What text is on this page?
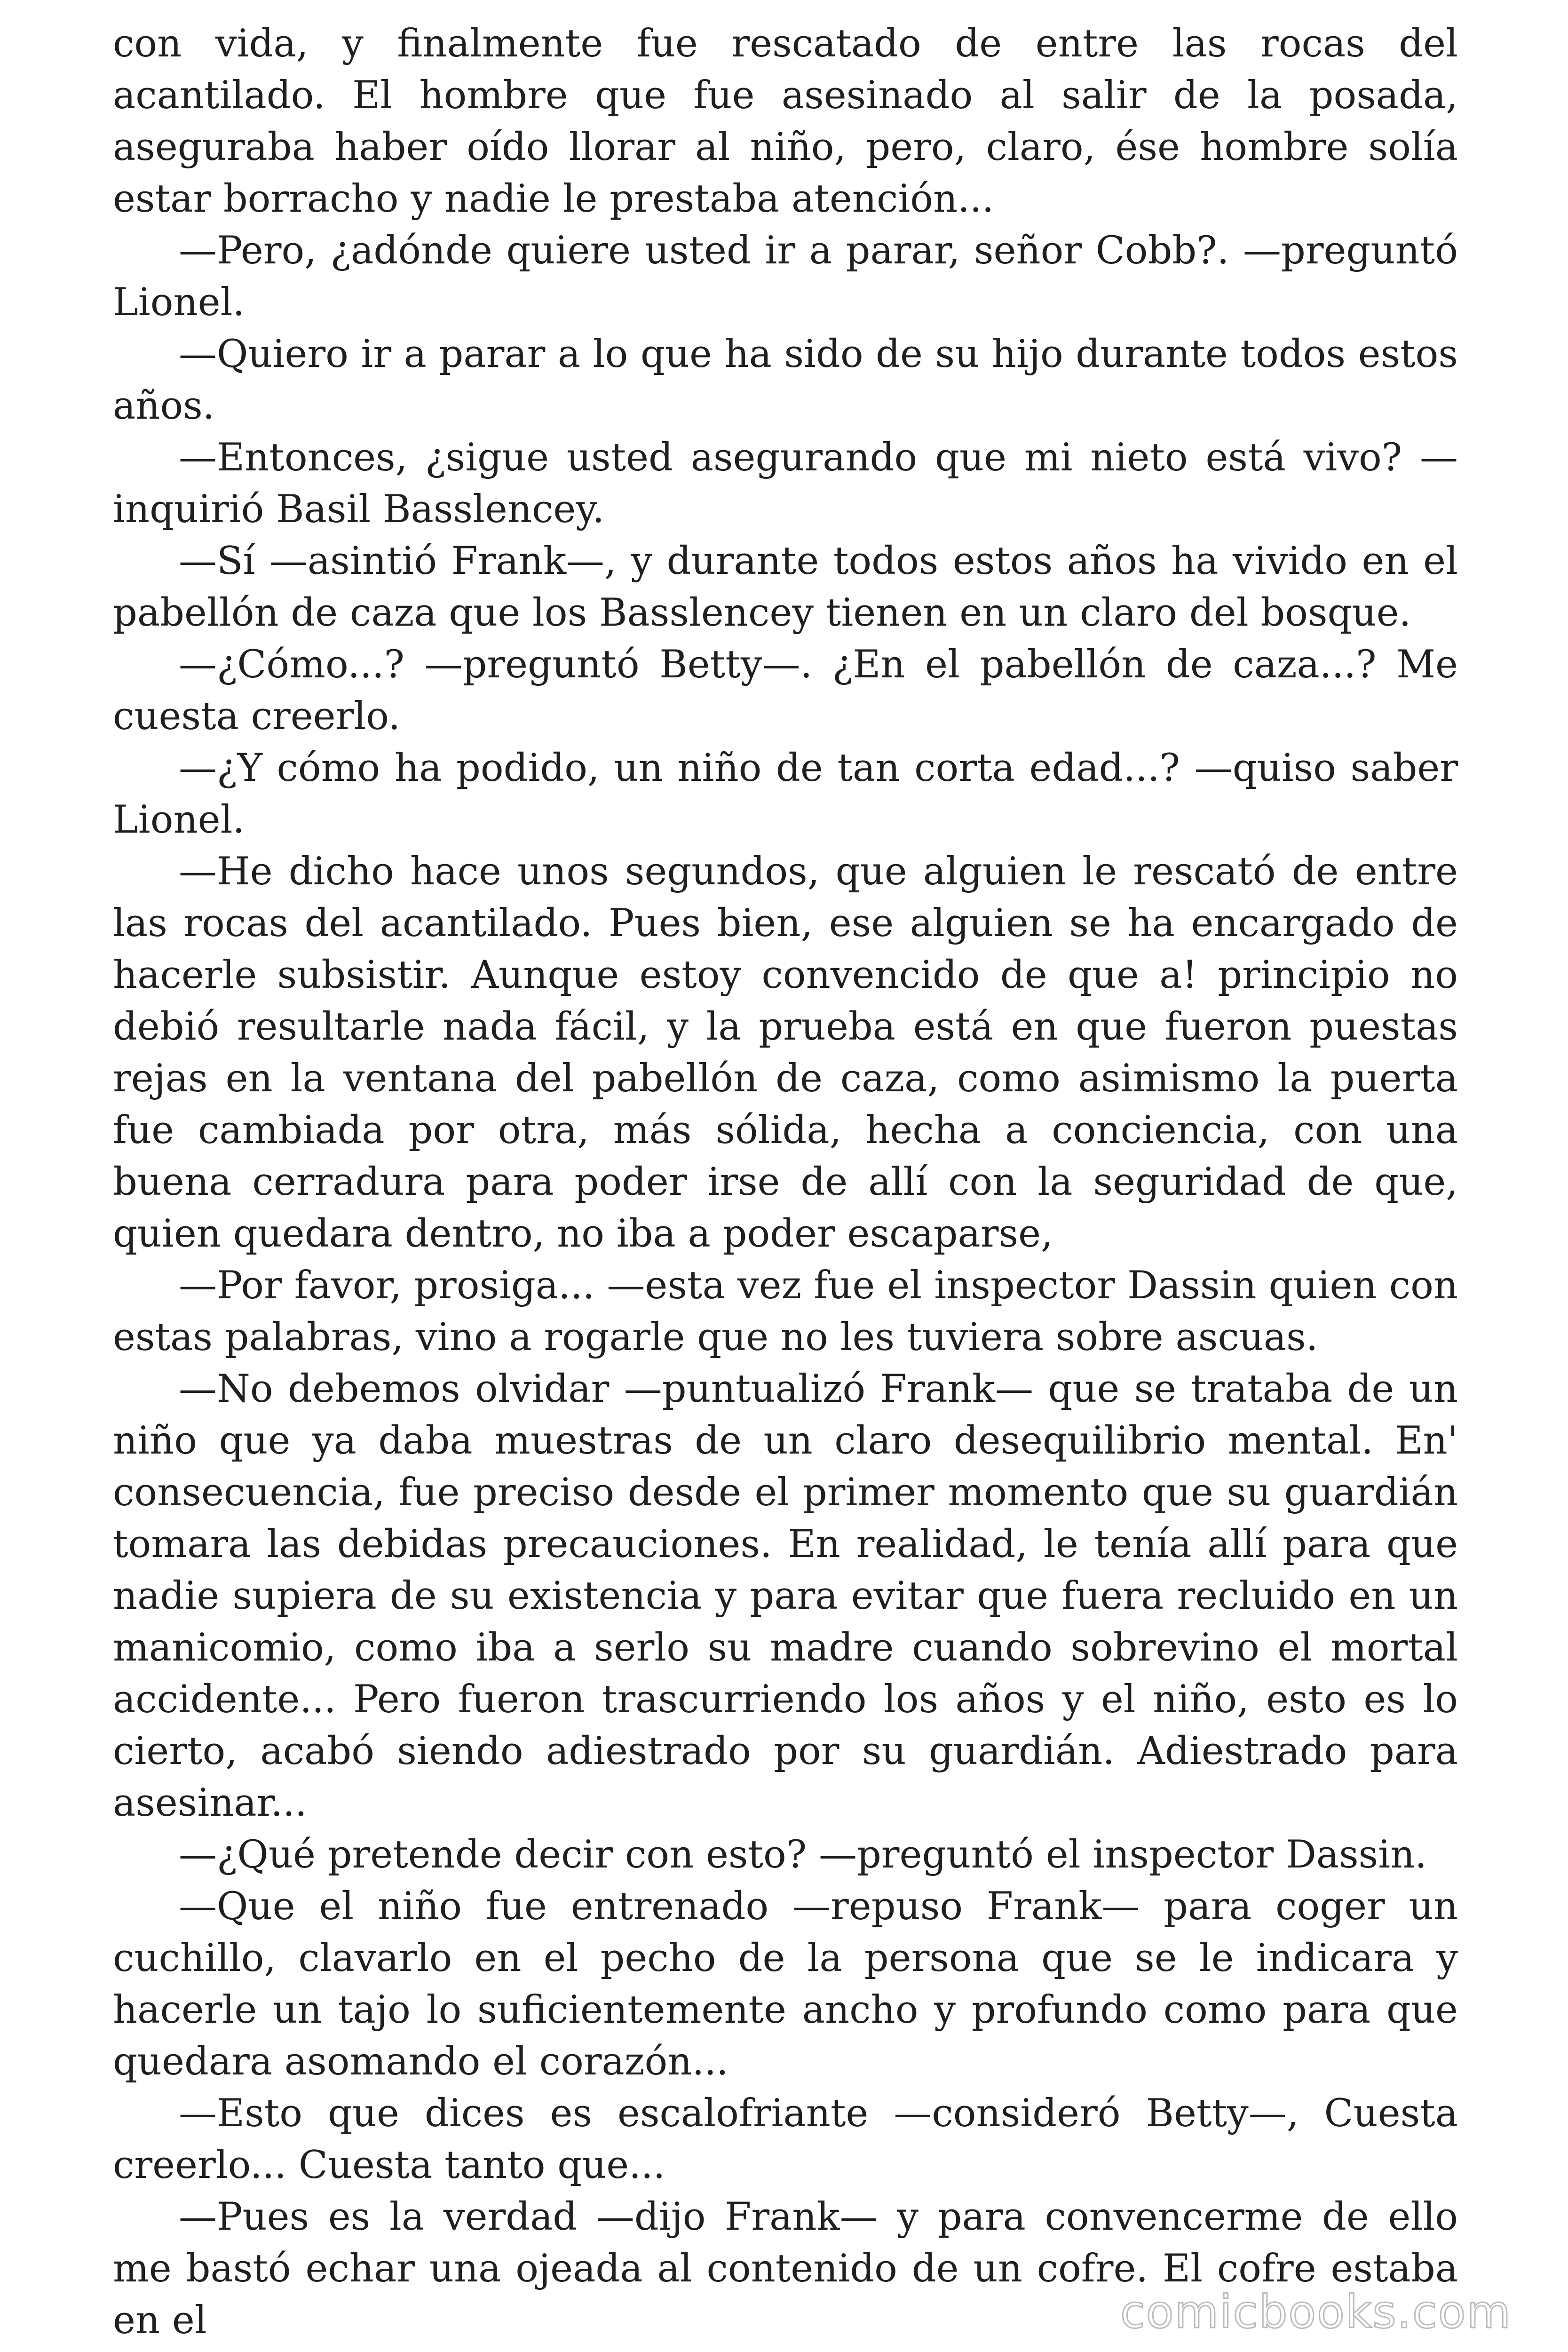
con vida, y finalmente fue rescatado de entre las rocas del acantilado. El hombre que fue asesinado al salir de la posada, aseguraba haber oído llorar al niño, pero, claro, ése hombre solía estar borracho y nadie le prestaba atención...

—Pero, ¿adónde quiere usted ir a parar, señor Cobb?. —preguntó Lionel.

—Quiero ir a parar a lo que ha sido de su hijo durante todos estos años.

—Entonces, ¿sigue usted asegurando que mi nieto está vivo? —inquirió Basil Basslencey.

—Sí —asintió Frank—, y durante todos estos años ha vivido en el pabellón de caza que los Basslencey tienen en un claro del bosque.

—¿Cómo...? —preguntó Betty—. ¿En el pabellón de caza...? Me cuesta creerlo.

—¿Y cómo ha podido, un niño de tan corta edad...? —quiso saber Lionel.

—He dicho hace unos segundos, que alguien le rescató de entre las rocas del acantilado. Pues bien, ese alguien se ha encargado de hacerle subsistir. Aunque estoy convencido de que a! principio no debió resultarle nada fácil, y la prueba está en que fueron puestas rejas en la ventana del pabellón de caza, como asimismo la puerta fue cambiada por otra, más sólida, hecha a conciencia, con una buena cerradura para poder irse de allí con la seguridad de que, quien quedara dentro, no iba a poder escaparse,

—Por favor, prosiga... —esta vez fue el inspector Dassin quien con estas palabras, vino a rogarle que no les tuviera sobre ascuas.

—No debemos olvidar —puntualizó Frank— que se trataba de un niño que ya daba muestras de un claro desequilibrio mental. En' consecuencia, fue preciso desde el primer momento que su guardián tomara las debidas precauciones. En realidad, le tenía allí para que nadie supiera de su existencia y para evitar que fuera recluido en un manicomio, como iba a serlo su madre cuando sobrevino el mortal accidente... Pero fueron trascurriendo los años y el niño, esto es lo cierto, acabó siendo adiestrado por su guardián. Adiestrado para asesinar...

—¿Qué pretende decir con esto? —preguntó el inspector Dassin.

—Que el niño fue entrenado —repuso Frank— para coger un cuchillo, clavarlo en el pecho de la persona que se le indicara y hacerle un tajo lo suficientemente ancho y profundo como para que quedara asomando el corazón...

—Esto que dices es escalofriante —consideró Betty—, Cuesta creerlo... Cuesta tanto que...

—Pues es la verdad —dijo Frank— y para convencerme de ello me bastó echar una ojeada al contenido de un cofre. El cofre estaba en el	comicbooks.com
